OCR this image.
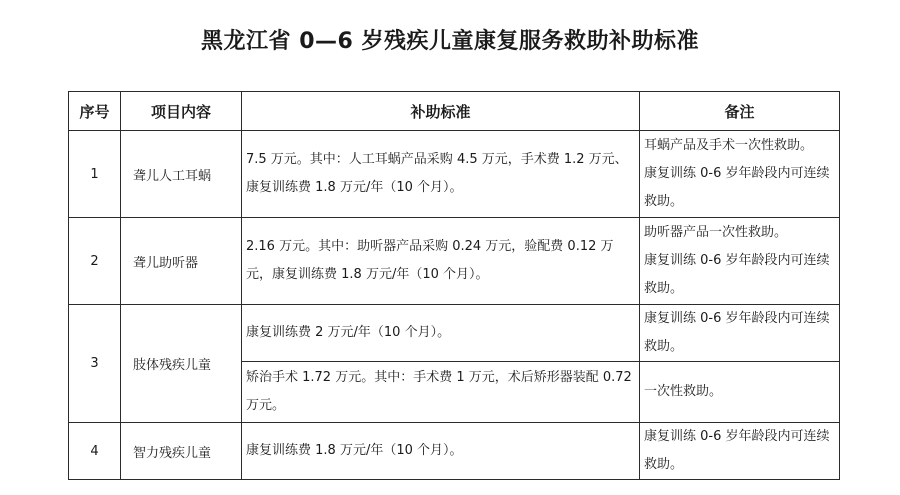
黑龙江省 0—6 岁残疾儿童康复服务救助补助标准
序号	项目内容	补助标准	备注
1	聋儿人工耳蜗	7.5 万元。其中：人工耳蜗产品采购 4.5 万元，手术费 1.2 万元、康复训练费 1.8 万元/年（10 个月）。	耳蜗产品及手术一次性救助。
康复训练 0-6 岁年龄段内可连续救助。

2	聋儿助听器	2.16 万元。其中：助听器产品采购 0.24 万元，验配费 0.12 万元，康复训练费 1.8 万元/年（10 个月）。	助听器产品一次性救助。
康复训练 0-6 岁年龄段内可连续救助。

3	肢体残疾儿童	康复训练费 2 万元/年（10 个月）。	康复训练 0-6 岁年龄段内可连续救助。
		矫治手术 1.72 万元。其中：手术费 1 万元，术后矫形器装配 0.72 万元。	一次性救助。
4	智力残疾儿童	康复训练费 1.8 万元/年（10 个月）。	康复训练 0-6 岁年龄段内可连续救助。
